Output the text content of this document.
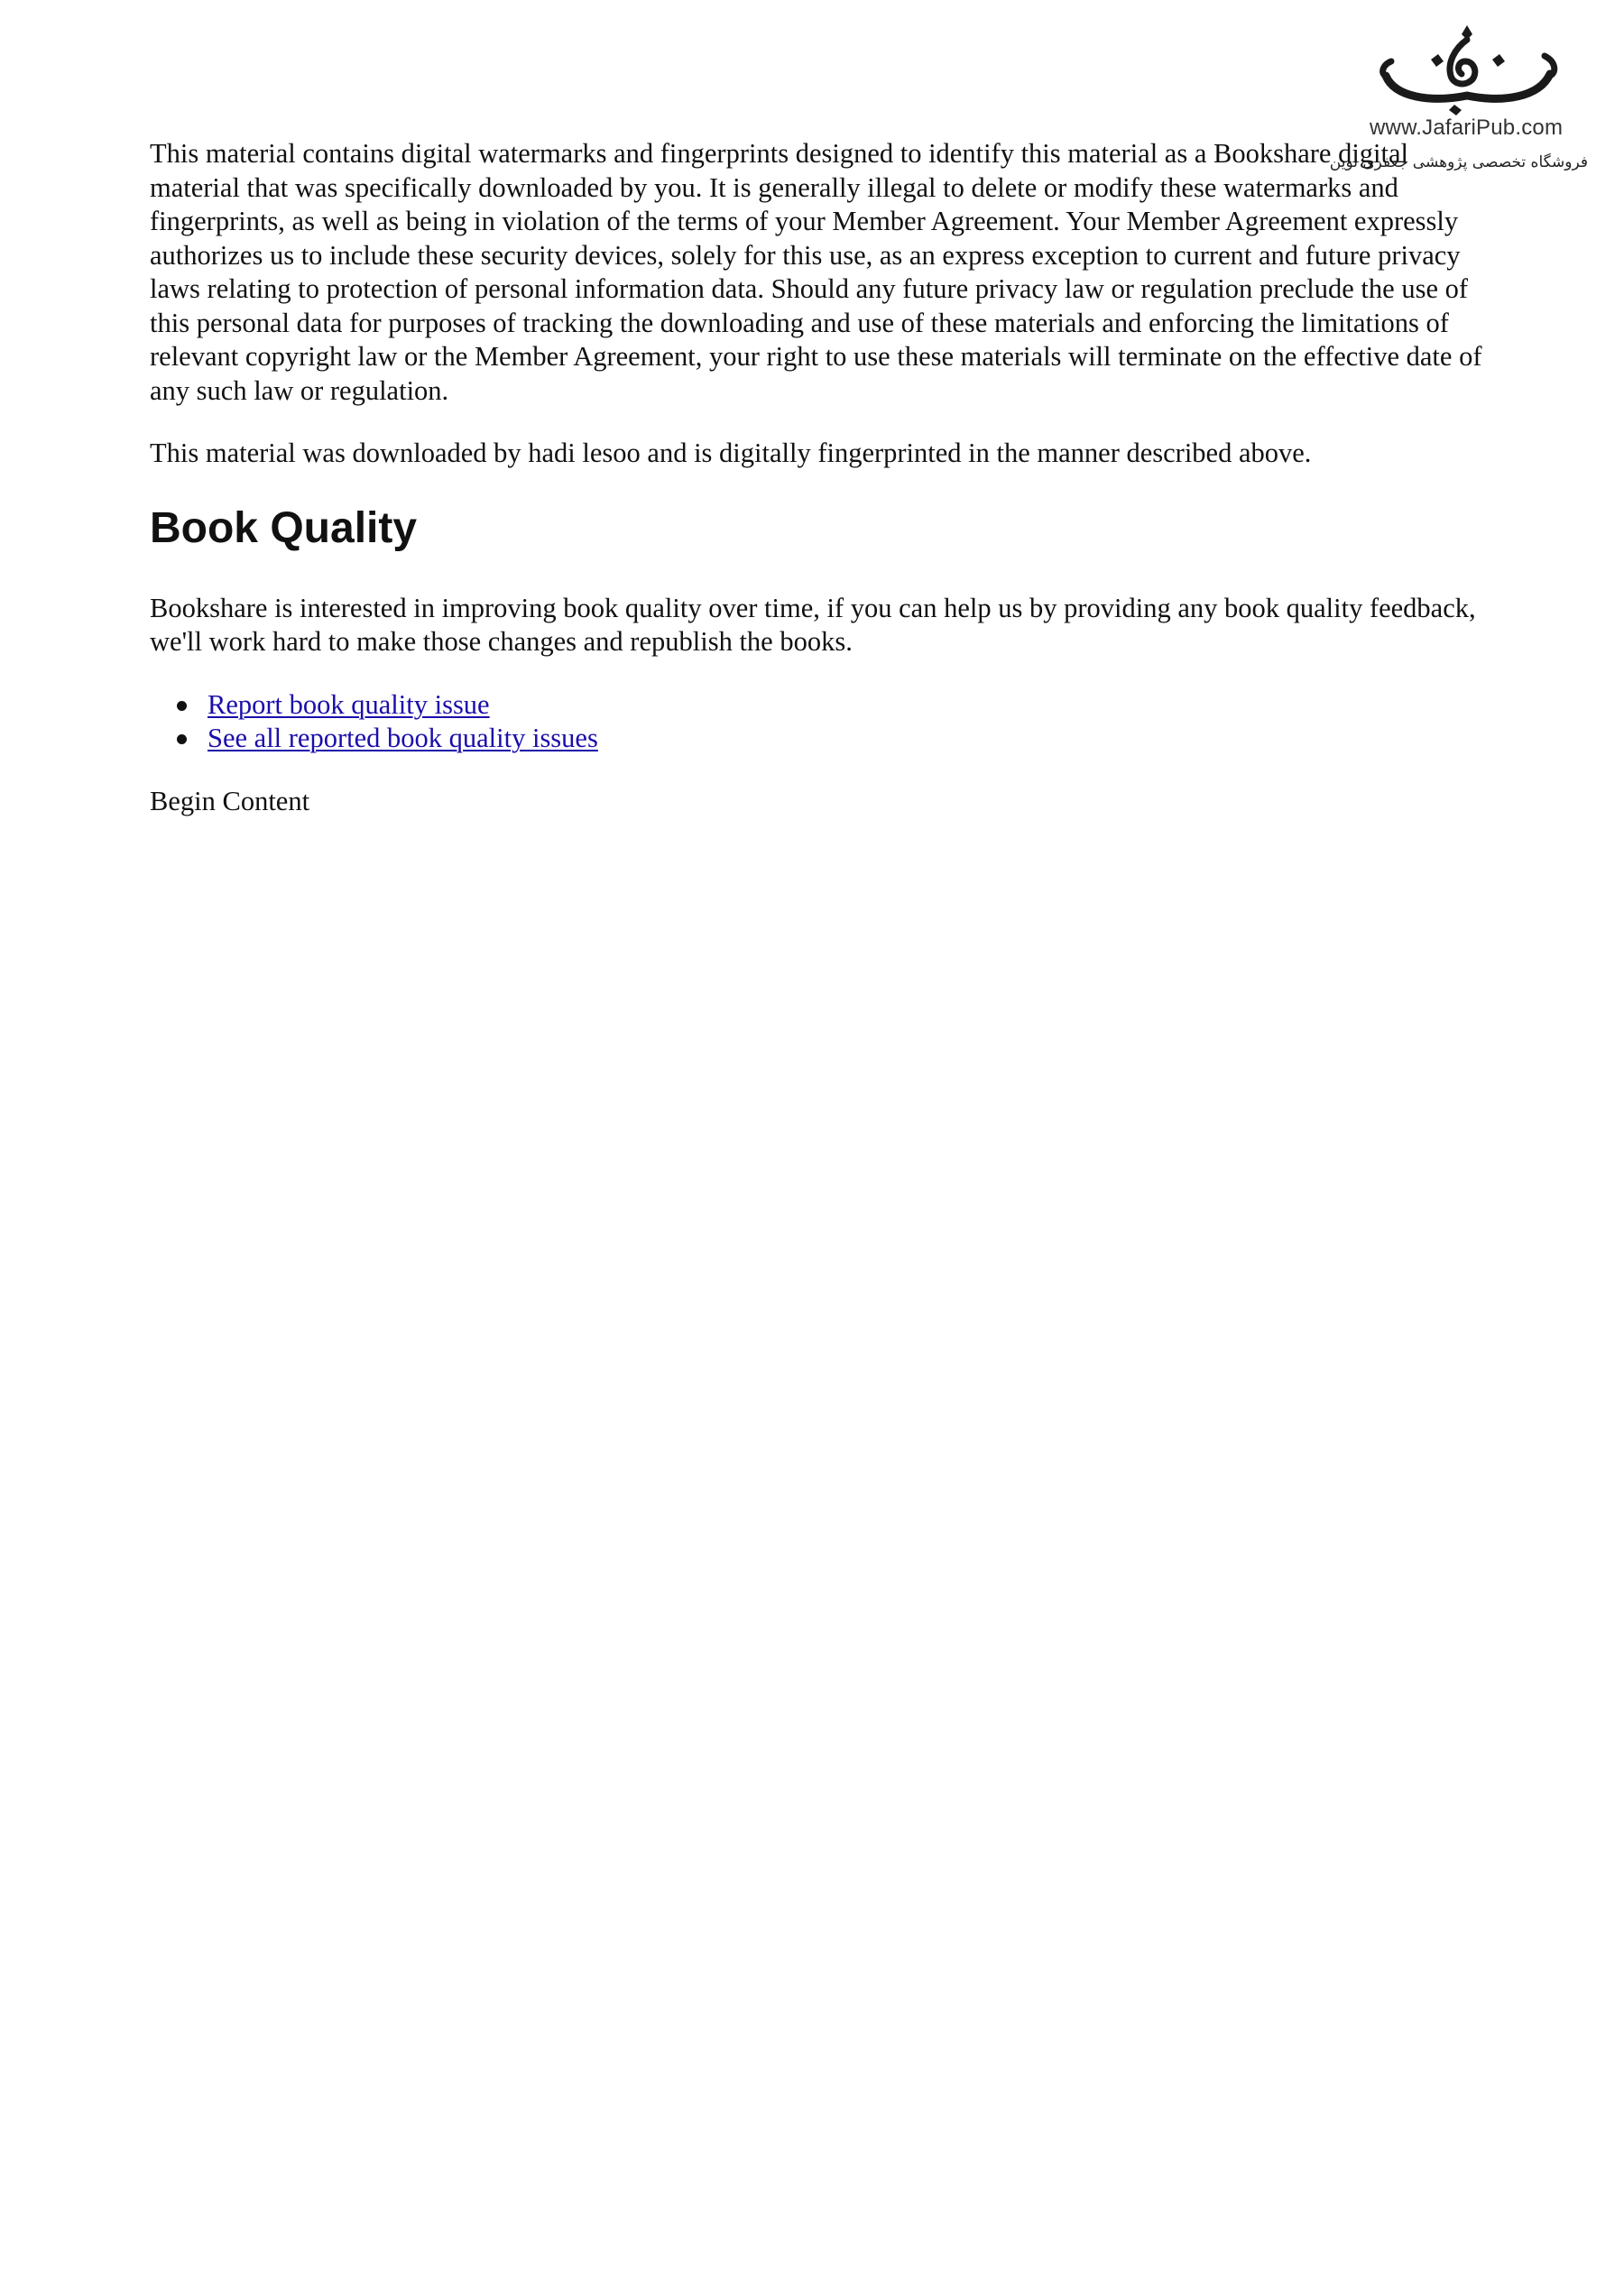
www.JafariPub.com
فروشگاه تخصصی پژوهشی جعفری نوین

This material contains digital watermarks and fingerprints designed to identify this material as a Bookshare digital material that was specifically downloaded by you. It is generally illegal to delete or modify these watermarks and fingerprints, as well as being in violation of the terms of your Member Agreement. Your Member Agreement expressly authorizes us to include these security devices, solely for this use, as an express exception to current and future privacy laws relating to protection of personal information data. Should any future privacy law or regulation preclude the use of this personal data for purposes of tracking the downloading and use of these materials and enforcing the limitations of relevant copyright law or the Member Agreement, your right to use these materials will terminate on the effective date of any such law or regulation.

This material was downloaded by hadi lesoo and is digitally fingerprinted in the manner described above.

Book Quality

Bookshare is interested in improving book quality over time, if you can help us by providing any book quality feedback, we'll work hard to make those changes and republish the books.

Report book quality issue
See all reported book quality issues

Begin Content
